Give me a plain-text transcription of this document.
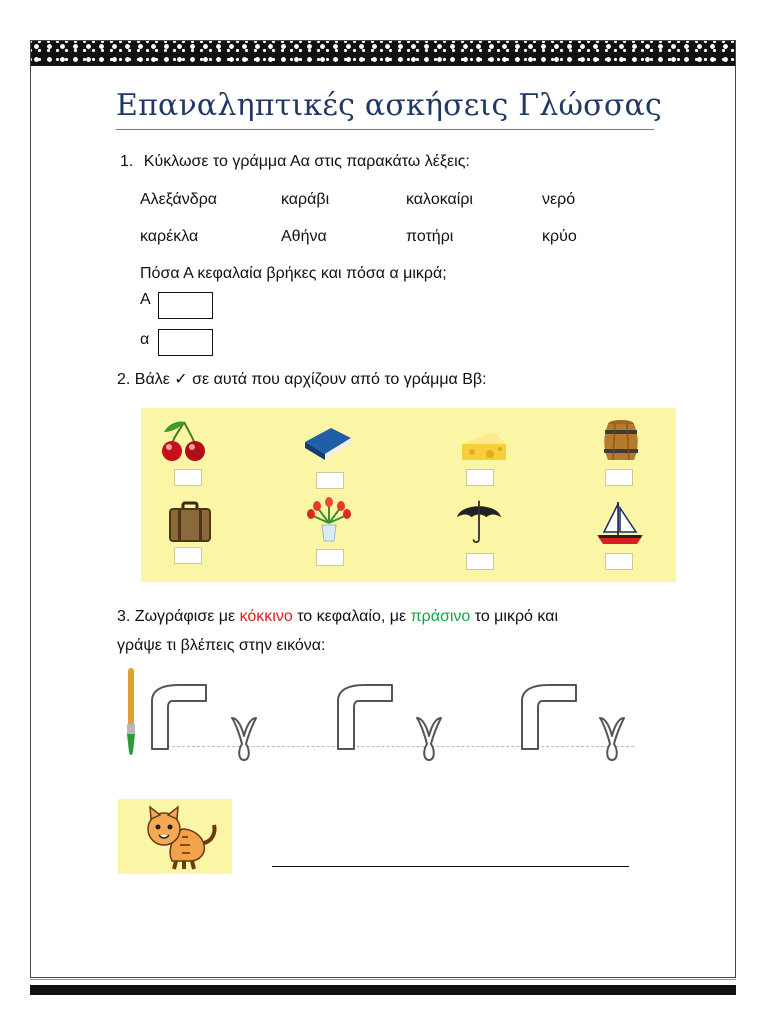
Επαναληπτικές ασκήσεις Γλώσσας
1. Κύκλωσε το γράμμα Αα στις παρακάτω λέξεις:
Αλεξάνδρα	καράβι	καλοκαίρι	νερό
καρέκλα	Αθήνα	ποτήρι	κρύο
Πόσα Α κεφαλαία βρήκες και πόσα α μικρά;
Α
α
2. Βάλε ✓ σε αυτά που αρχίζουν από το γράμμα Ββ:
3. Ζωγράφισε με κόκκινο το κεφαλαίο, με πράσινο το μικρό και
γράψε τι βλέπεις στην εικόνα:
